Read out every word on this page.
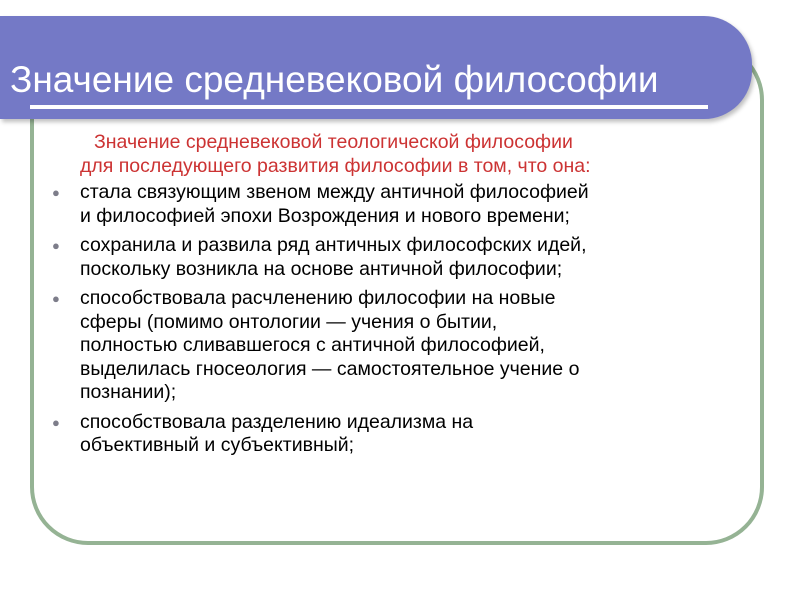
Значение средневековой философии

Значение средневековой теологической философии
для последующего развития философии в том, что она:

● стала связующим звеном между античной философией
и философией эпохи Возрождения и нового времени;
● сохранила и развила ряд античных философских идей,
поскольку возникла на основе античной философии;
● способствовала расчленению философии на новые
сферы (помимо онтологии — учения о бытии,
полностью сливавшегося с античной философией,
выделилась гносеология — самостоятельное учение о
познании);
● способствовала разделению идеализма на
объективный и субъективный;
